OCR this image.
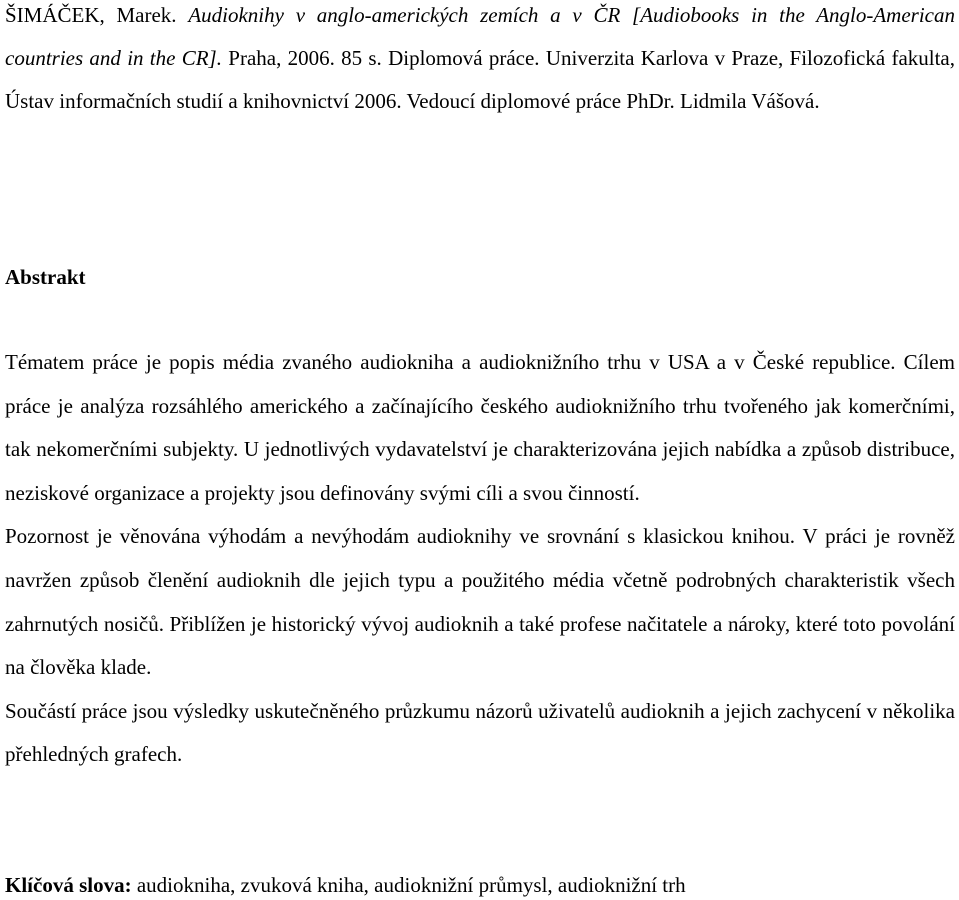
ŠIMÁČEK, Marek. Audioknihy v anglo-amerických zemích a v ČR [Audiobooks in the Anglo-American countries and in the CR]. Praha, 2006. 85 s. Diplomová práce. Univerzita Karlova v Praze, Filozofická fakulta, Ústav informačních studií a knihovnictví 2006. Vedoucí diplomové práce PhDr. Lidmila Vášová.
Abstrakt

Tématem práce je popis média zvaného audiokniha a audioknižního trhu v USA a v České republice. Cílem práce je analýza rozsáhlého amerického a začínajícího českého audioknižního trhu tvořeného jak komerčními, tak nekomerčními subjekty. U jednotlivých vydavatelství je charakterizována jejich nabídka a způsob distribuce, neziskové organizace a projekty jsou definovány svými cíli a svou činností.

Pozornost je věnována výhodám a nevýhodám audioknihy ve srovnání s klasickou knihou. V práci je rovněž navržen způsob členění audioknih dle jejich typu a použitého média včetně podrobných charakteristik všech zahrnutých nosičů. Přiblížen je historický vývoj audioknih a také profese načitatele a nároky, které toto povolání na člověka klade.

Součástí práce jsou výsledky uskutečněného průzkumu názorů uživatelů audioknih a jejich zachycení v několika přehledných grafech.

Klíčová slova: audiokniha, zvuková kniha, audioknižní průmysl, audioknižní trh
